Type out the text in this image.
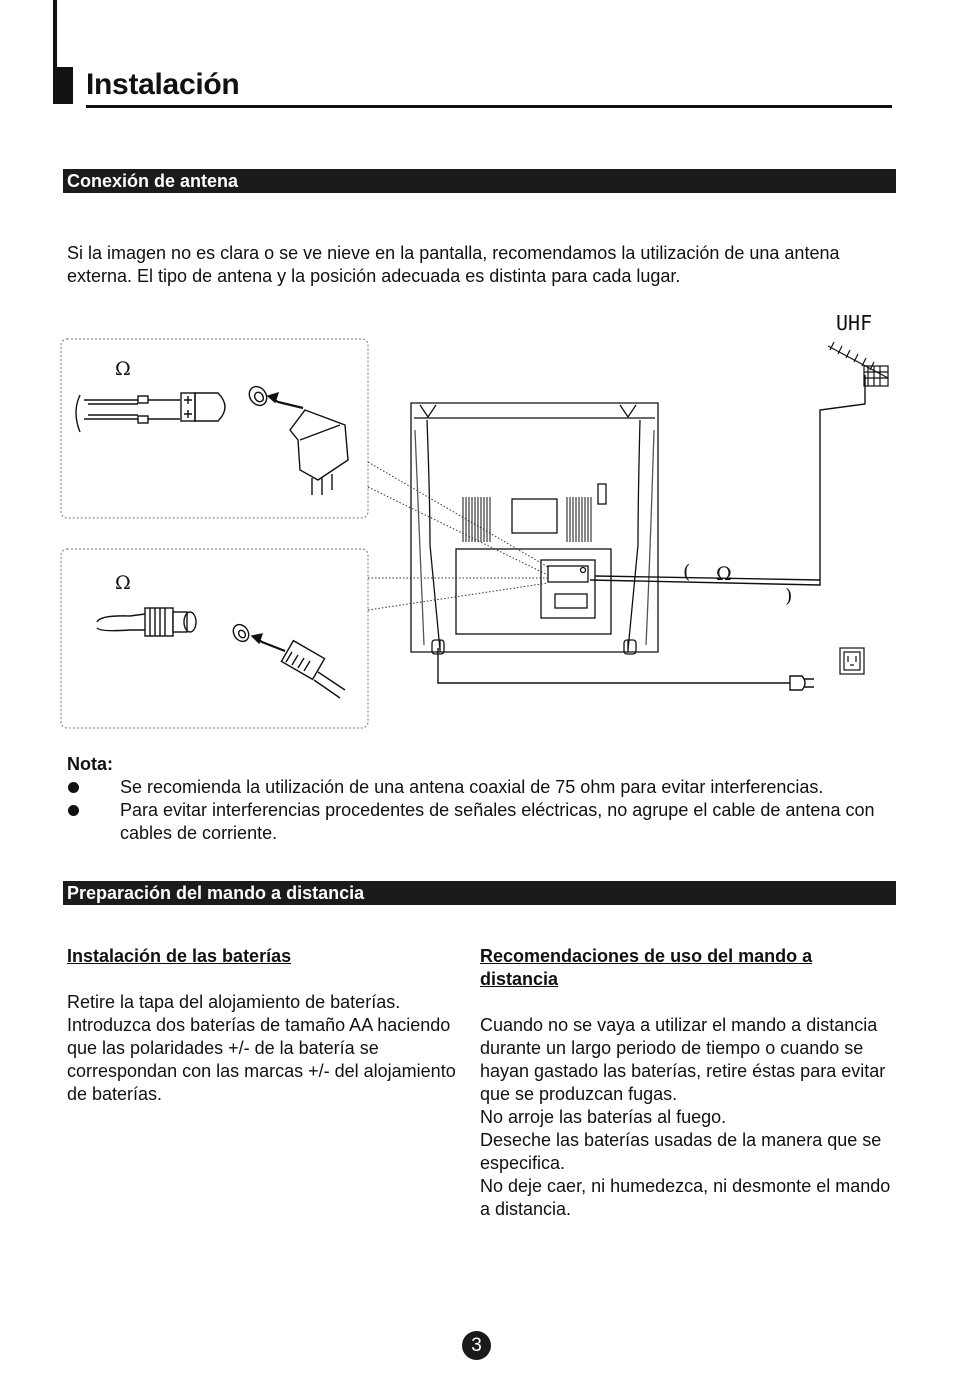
Instalación
Conexión de antena
Si la imagen no es clara o se ve nieve en la pantalla, recomendamos la utilización de una antena externa. El tipo de antena y la posición adecuada es distinta para cada lugar.
Ω
Ω
UHF
( Ω
)
Nota:
Se recomienda la utilización de una antena coaxial de 75 ohm para evitar interferencias.
Para evitar interferencias procedentes de señales eléctricas, no agrupe el cable de antena con cables de corriente.
Preparación del mando a distancia
Instalación de las baterías
Retire la tapa del alojamiento de baterías. Introduzca dos baterías de tamaño AA haciendo que las polaridades +/- de la batería se correspondan con las marcas +/- del alojamiento de baterías.
Recomendaciones de uso del mando a distancia
Cuando no se vaya a utilizar el mando a distancia durante un largo periodo de tiempo o cuando se hayan gastado las baterías, retire éstas para evitar que se produzcan fugas.
No arroje las baterías al fuego.
Deseche las baterías usadas de la manera que se especifica.
No deje caer, ni humedezca, ni desmonte el mando a distancia.
3
